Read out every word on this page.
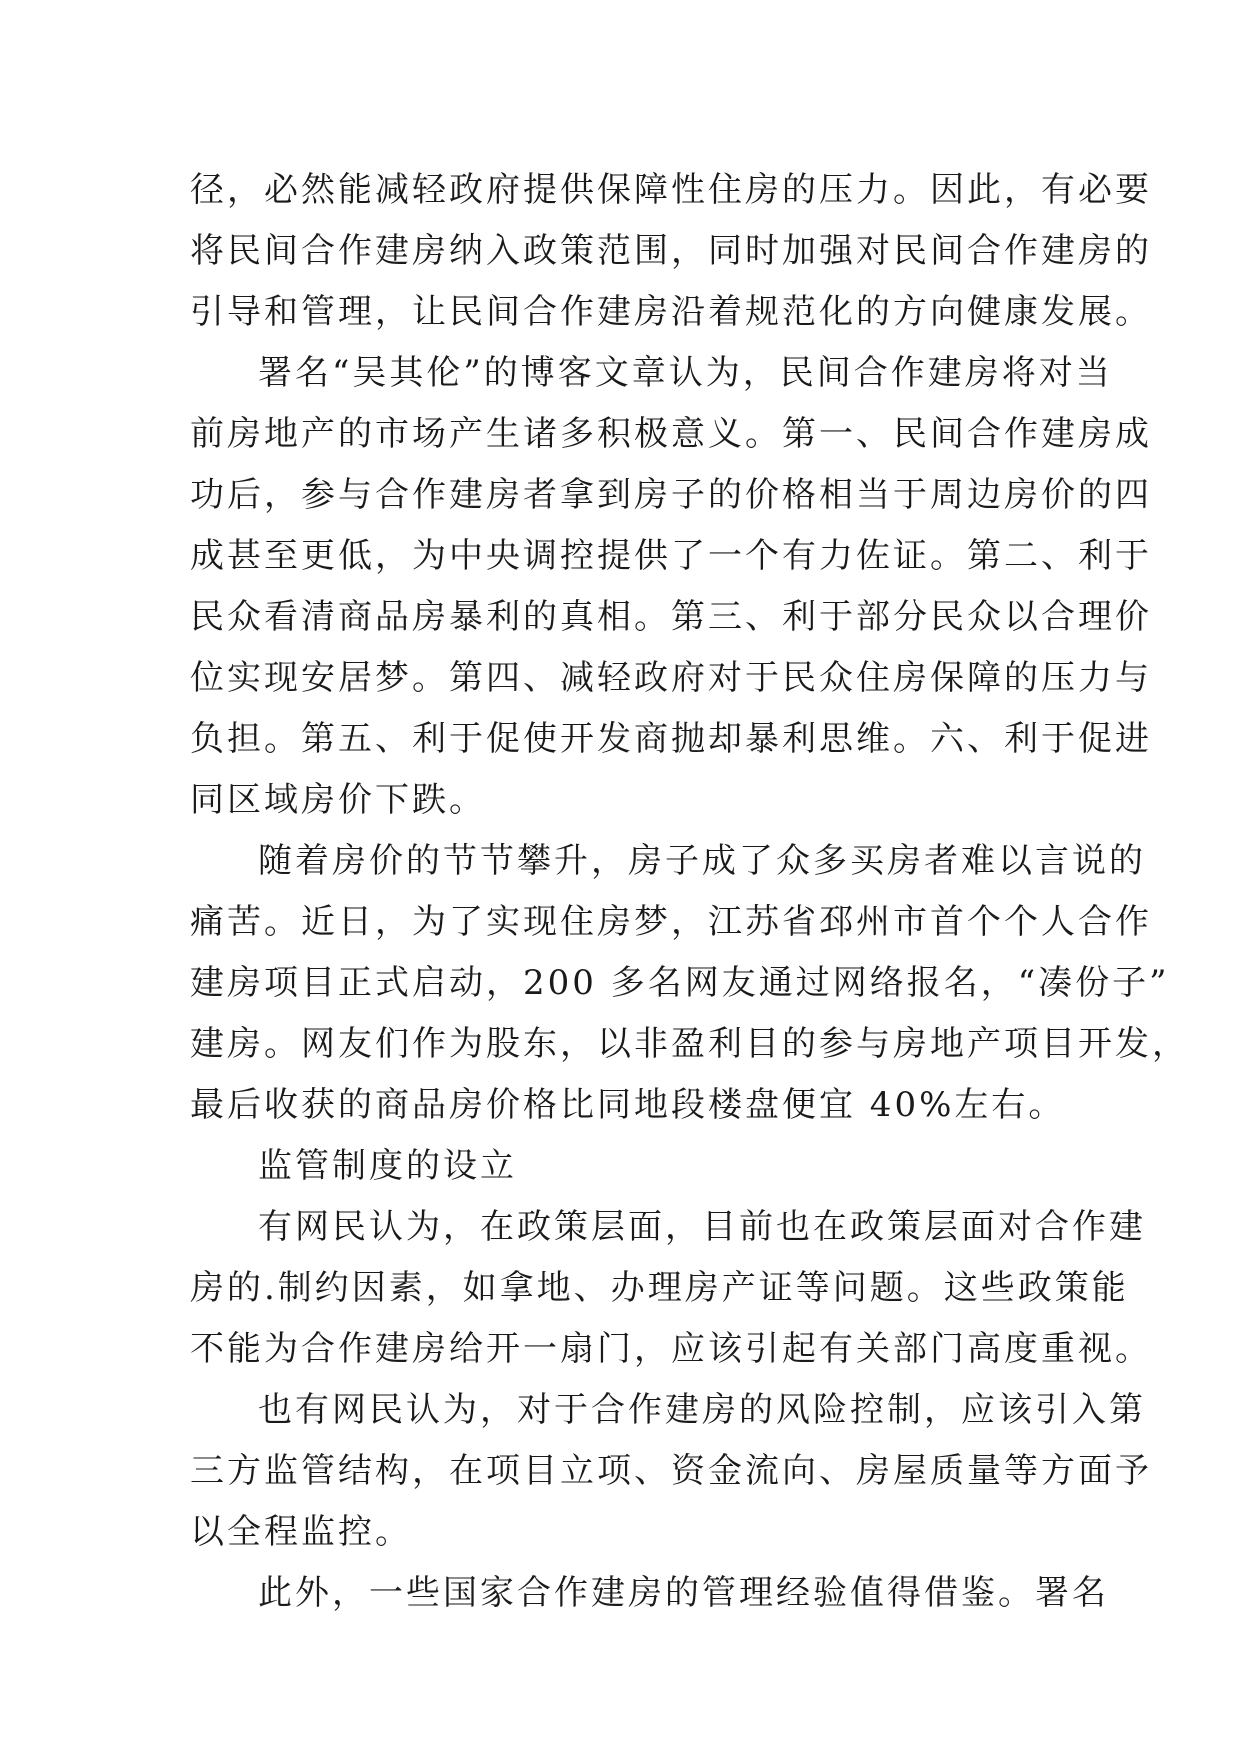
径，必然能减轻政府提供保障性住房的压力。因此，有必要
将民间合作建房纳入政策范围，同时加强对民间合作建房的
引导和管理，让民间合作建房沿着规范化的方向健康发展。

署名“吴其伦”的博客文章认为，民间合作建房将对当
前房地产的市场产生诸多积极意义。第一、民间合作建房成
功后，参与合作建房者拿到房子的价格相当于周边房价的四
成甚至更低，为中央调控提供了一个有力佐证。第二、利于
民众看清商品房暴利的真相。第三、利于部分民众以合理价
位实现安居梦。第四、减轻政府对于民众住房保障的压力与
负担。第五、利于促使开发商抛却暴利思维。六、利于促进
同区域房价下跌。

随着房价的节节攀升，房子成了众多买房者难以言说的
痛苦。近日，为了实现住房梦，江苏省邳州市首个个人合作
建房项目正式启动，200 多名网友通过网络报名，“凑份子”
建房。网友们作为股东，以非盈利目的参与房地产项目开发，
最后收获的商品房价格比同地段楼盘便宜 40%左右。

监管制度的设立

有网民认为，在政策层面，目前也在政策层面对合作建
房的.制约因素，如拿地、办理房产证等问题。这些政策能
不能为合作建房给开一扇门，应该引起有关部门高度重视。

也有网民认为，对于合作建房的风险控制，应该引入第
三方监管结构，在项目立项、资金流向、房屋质量等方面予
以全程监控。

此外，一些国家合作建房的管理经验值得借鉴。署名
